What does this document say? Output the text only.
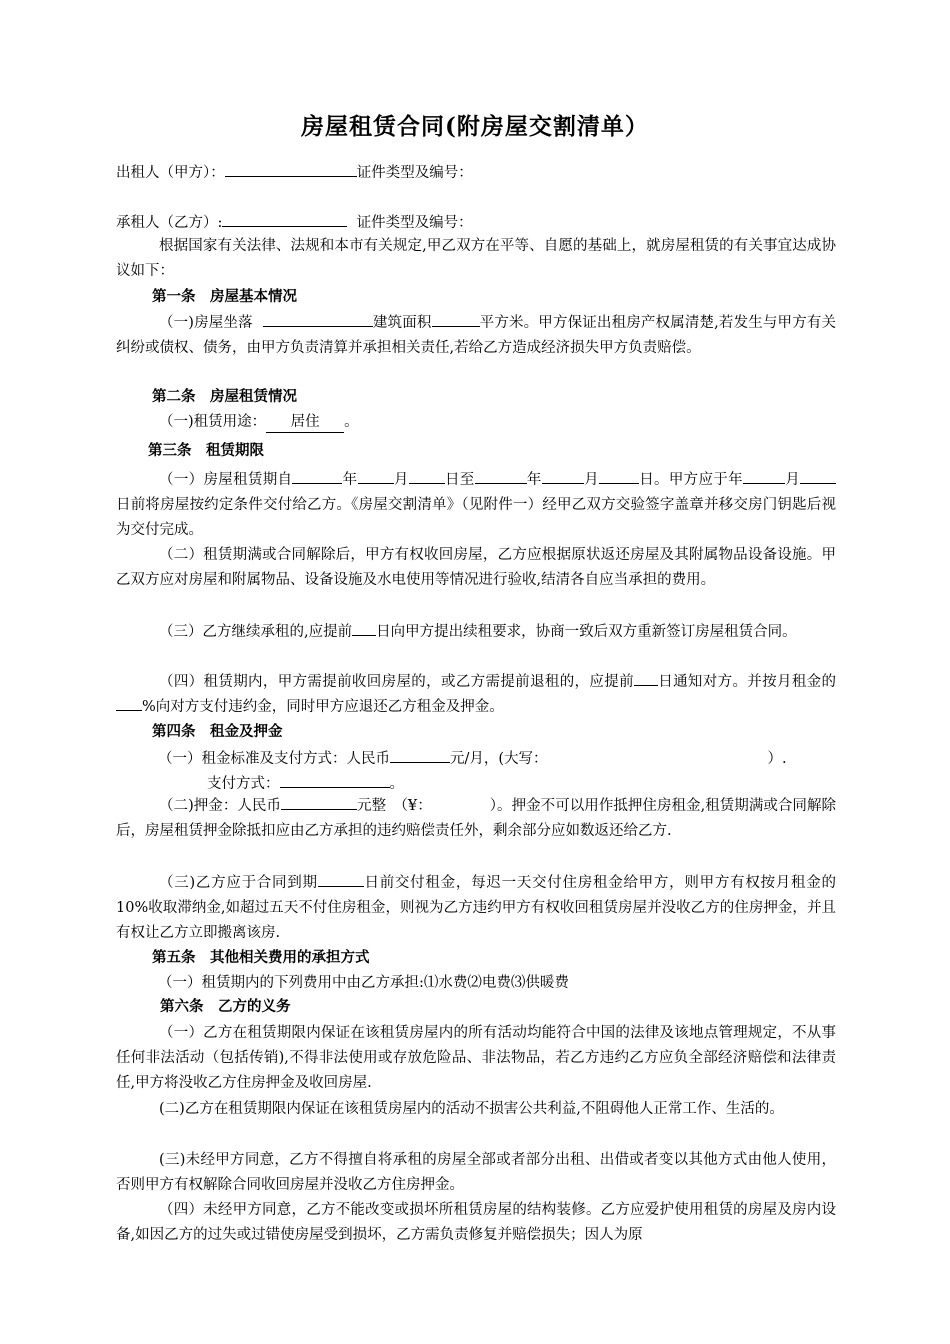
房屋租赁合同(附房屋交割清单）
出租人（甲方）：	证件类型及编号：
承租人（乙方）:	证件类型及编号：
根据国家有关法律、法规和本市有关规定,甲乙双方在平等、自愿的基础上，就房屋租赁的有关事宜达成协议如下：
第一条　房屋基本情况
（一)房屋坐落	建筑面积	平方米。甲方保证出租房产权属清楚,若发生与甲方有关纠纷或债权、债务，由甲方负责清算并承担相关责任,若给乙方造成经济损失甲方负责赔偿。
第二条　房屋租赁情况
（一)租赁用途： 居住 。
第三条　租赁期限
（一）房屋租赁期自	年 月 日至	年	月	日。甲方应于年	月日前将房屋按约定条件交付给乙方。《房屋交割清单》（见附件一）经甲乙双方交验签字盖章并移交房门钥匙后视为交付完成。
（二）租赁期满或合同解除后，甲方有权收回房屋，乙方应根据原状返还房屋及其附属物品设备设施。甲乙双方应对房屋和附属物品、设备设施及水电使用等情况进行验收,结清各自应当承担的费用。
（三）乙方继续承租的,应提前 日向甲方提出续租要求，协商一致后双方重新签订房屋租赁合同。
（四）租赁期内，甲方需提前收回房屋的，或乙方需提前退租的，应提前 日通知对方。并按月租金的%向对方支付违约金，同时甲方应退还乙方租金及押金。
第四条　租金及押金
（一）租金标准及支付方式：人民币	元/月，(大写：	）.
支付方式：	。
（二)押金：人民币	元整　（¥：	）。押金不可以用作抵押住房租金,租赁期满或合同解除后，房屋租赁押金除抵扣应由乙方承担的违约赔偿责任外，剩余部分应如数返还给乙方.
（三)乙方应于合同到期	日前交付租金，每迟一天交付住房租金给甲方，则甲方有权按月租金的10%收取滞纳金,如超过五天不付住房租金，则视为乙方违约甲方有权收回租赁房屋并没收乙方的住房押金，并且有权让乙方立即搬离该房.
第五条　其他相关费用的承担方式
（一）租赁期内的下列费用中由乙方承担:⑴水费⑵电费⑶供暖费
第六条　乙方的义务
（一）乙方在租赁期限内保证在该租赁房屋内的所有活动均能符合中国的法律及该地点管理规定，不从事任何非法活动（包括传销),不得非法使用或存放危险品、非法物品，若乙方违约乙方应负全部经济赔偿和法律责任,甲方将没收乙方住房押金及收回房屋.
(二)乙方在租赁期限内保证在该租赁房屋内的活动不损害公共利益,不阻碍他人正常工作、生活的。
(三)未经甲方同意，乙方不得擅自将承租的房屋全部或者部分出租、出借或者变以其他方式由他人使用，否则甲方有权解除合同收回房屋并没收乙方住房押金。
（四）未经甲方同意，乙方不能改变或损坏所租赁房屋的结构装修。乙方应爱护使用租赁的房屋及房内设备,如因乙方的过失或过错使房屋受到损坏，乙方需负责修复并赔偿损失；因人为原
